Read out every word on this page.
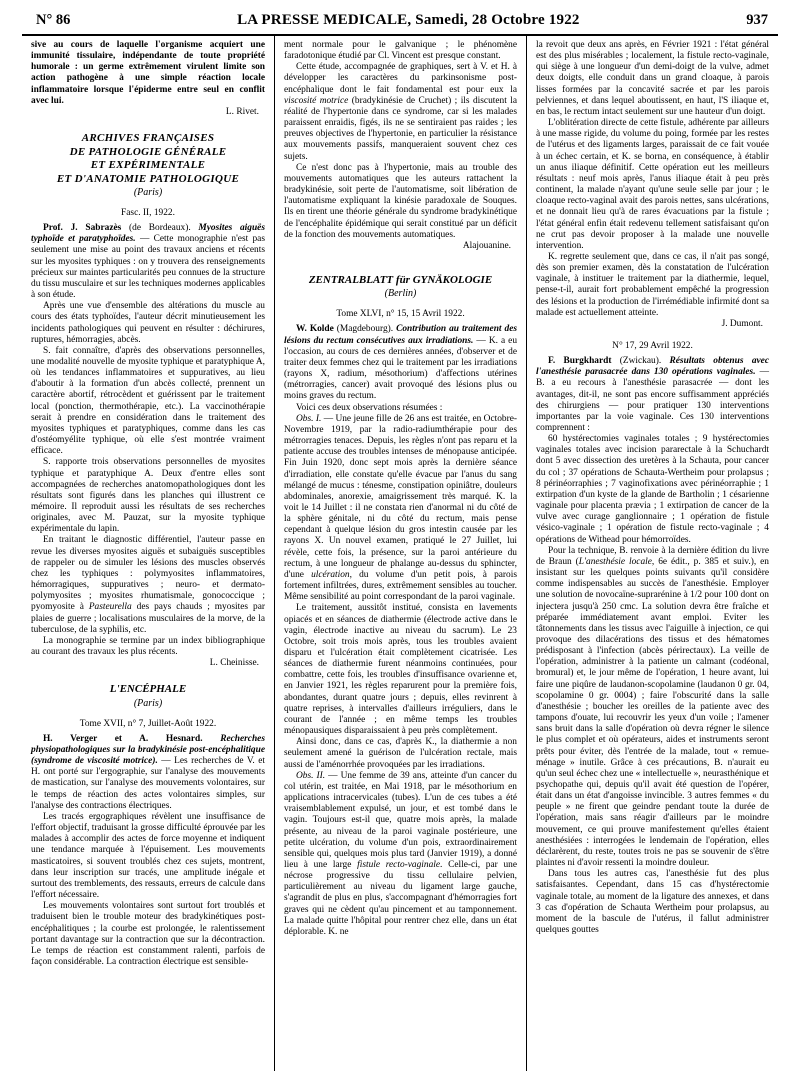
N° 86	LA PRESSE MEDICALE, Samedi, 28 Octobre 1922	937

sive au cours de laquelle l'organisme acquiert une immunité tissulaire, indépendante de toute propriété humorale : un germe extrêmement virulent limite son action pathogène à une simple réaction locale inflammatoire lorsque l'épiderme entre seul en conflit avec lui.

L. Rivet.
ARCHIVES FRANÇAISES
DE PATHOLOGIE GÉNÉRALE
ET EXPÉRIMENTALE
ET D'ANATOMIE PATHOLOGIQUE
(Paris)
Fasc. II, 1922.

Prof. J. Sabrazès (de Bordeaux). Myosites aiguës typhoïde et paratyphoïdes. — Cette monographie n'est pas seulement une mise au point des travaux anciens et récents sur les myosites typhiques : on y trouvera des renseignements précieux sur maintes particularités peu connues de la structure du tissu musculaire et sur les techniques modernes applicables à son étude.

Après une vue d'ensemble des altérations du muscle au cours des états typhoïdes, l'auteur décrit minutieusement les incidents pathologiques qui peuvent en résulter : déchirures, ruptures, hémorragies, abcès.

S. fait connaître, d'après des observations personnelles, une modalité nouvelle de myosite typhique et paratyphique A, où les tendances inflammatoires et suppuratives, au lieu d'aboutir à la formation d'un abcès collecté, prennent un caractère abortif, rétrocèdent et guérissent par le traitement local (ponction, thermothérapie, etc.). La vaccinothérapie serait à prendre en considération dans le traitement des myosites typhiques et paratyphiques, comme dans les cas d'ostéomyélite typhique, où elle s'est montrée vraiment efficace.

S. rapporte trois observations personnelles de myosites typhique et paratyphique A. Deux d'entre elles sont accompagnées de recherches anatomopathologiques dont les résultats sont figurés dans les planches qui illustrent ce mémoire. Il reproduit aussi les résultats de ses recherches originales, avec M. Pauzat, sur la myosite typhique expérimentale du lapin.

En traitant le diagnostic différentiel, l'auteur passe en revue les diverses myosites aiguës et subaiguës susceptibles de rappeler ou de simuler les lésions des muscles observés chez les typhiques : polymyosites inflammatoires, hémorragiques, suppuratives ; neuro- et dermato-polymyosites ; myosites rhumatismale, gonococcique ; pyomyosite à Pasteurella des pays chauds ; myosites par plaies de guerre ; localisations musculaires de la morve, de la tuberculose, de la syphilis, etc.

La monographie se termine par un index bibliographique au courant des travaux les plus récents.

L. Cheinisse.
L'ENCÉPHALE
(Paris)
Tome XVII, n° 7, Juillet-Août 1922.

H. Verger et A. Hesnard. Recherches physiopathologiques sur la bradykinésie post-encéphalitique (syndrome de viscosité motrice). — Les recherches de V. et H. ont porté sur l'ergographie, sur l'analyse des mouvements de mastication, sur l'analyse des mouvements volontaires, sur le temps de réaction des actes volontaires simples, sur l'analyse des contractions électriques.

Les tracés ergographiques révèlent une insuffisance de l'effort objectif, traduisant la grosse difficulté éprouvée par les malades à accomplir des actes de force moyenne et indiquent une tendance marquée à l'épuisement. Les mouvements masticatoires, si souvent troublés chez ces sujets, montrent, dans leur inscription sur tracés, une amplitude inégale et surtout des tremblements, des ressauts, erreurs de calcule dans l'effort nécessaire.

Les mouvements volontaires sont surtout fort troublés et traduisent bien le trouble moteur des bradykinétiques post-encéphalitiques ; la courbe est prolongée, le ralentissement portant davantage sur la contraction que sur la décontraction. Le temps de réaction est constamment ralenti, parfois de façon considérable. La contraction électrique est sensible-

ment normale pour le galvanique ; le phénomène faradotonique étudié par Cl. Vincent est presque constant.

Cette étude, accompagnée de graphiques, sert à V. et H. à développer les caractères du parkinsonisme post-encéphalique dont le fait fondamental est pour eux la viscosité motrice (bradykinésie de Cruchet) ; ils discutent la réalité de l'hypertonie dans ce syndrome, car si les malades paraissent enraidis, figés, ils ne se sentiraient pas raides ; les preuves objectives de l'hypertonie, en particulier la résistance aux mouvements passifs, manqueraient souvent chez ces sujets.

Ce n'est donc pas à l'hypertonie, mais au trouble des mouvements automatiques que les auteurs rattachent la bradykinésie, soit perte de l'automatisme, soit libération de l'automatisme expliquant la kinésie paradoxale de Souques. Ils en tirent une théorie générale du syndrome bradykinétique de l'encéphalite épidémique qui serait constitué par un déficit de la fonction des mouvements automatiques.

Alajouanine.
ZENTRALBLATT für GYNÄKOLOGIE
(Berlin)
Tome XLVI, n° 15, 15 Avril 1922.

W. Kolde (Magdebourg). Contribution au traitement des lésions du rectum consécutives aux irradiations. — K. a eu l'occasion, au cours de ces dernières années, d'observer et de traiter deux femmes chez qui le traitement par les irradiations (rayons X, radium, mésothorium) d'affections utérines (métrorragies, cancer) avait provoqué des lésions plus ou moins graves du rectum.

Voici ces deux observations résumées :

Obs. I. — Une jeune fille de 26 ans est traitée, en Octobre-Novembre 1919, par la radio-radiumthérapie pour des métrorragies tenaces. Depuis, les règles n'ont pas reparu et la patiente accuse des troubles intenses de ménopause anticipée. Fin Juin 1920, donc sept mois après la dernière séance d'irradiation, elle constate qu'elle évacue par l'anus du sang mélangé de mucus : ténesme, constipation opiniâtre, douleurs abdominales, anorexie, amaigrissement très marqué. K. la voit le 14 Juillet : il ne constata rien d'anormal ni du côté de la sphère génitale, ni du côté du rectum, mais pense cependant à quelque lésion du gros intestin causée par les rayons X. Un nouvel examen, pratiqué le 27 Juillet, lui révèle, cette fois, la présence, sur la paroi antérieure du rectum, à une longueur de phalange au-dessus du sphincter, d'une ulcération, du volume d'un petit pois, à parois fortement infiltrées, dures, extrêmement sensibles au toucher. Même sensibilité au point correspondant de la paroi vaginale.

Le traitement, aussitôt institué, consista en lavements opiacés et en séances de diathermie (électrode active dans le vagin, électrode inactive au niveau du sacrum). Le 23 Octobre, soit trois mois après, tous les troubles avaient disparu et l'ulcération était complètement cicatrisée. Les séances de diathermie furent néanmoins continuées, pour combattre, cette fois, les troubles d'insuffisance ovarienne et, en Janvier 1921, les règles reparurent pour la première fois, abondantes, durant quatre jours ; depuis, elles revinrent à quatre reprises, à intervalles d'ailleurs irréguliers, dans le courant de l'année ; en même temps les troubles ménopausiques disparaissaient à peu près complètement.

Ainsi donc, dans ce cas, d'après K., la diathermie a non seulement amené la guérison de l'ulcération rectale, mais aussi de l'aménorrhée provoquées par les irradiations.

Obs. II. — Une femme de 39 ans, atteinte d'un cancer du col utérin, est traitée, en Mai 1918, par le mésothorium en applications intracervicales (tubes). L'un de ces tubes a été vraisemblablement expulsé, un jour, et est tombé dans le vagin. Toujours est-il que, quatre mois après, la malade présente, au niveau de la paroi vaginale postérieure, une petite ulcération, du volume d'un pois, extraordinairement sensible qui, quelques mois plus tard (Janvier 1919), a donné lieu à une large fistule recto-vaginale. Celle-ci, par une nécrose progressive du tissu cellulaire pelvien, particulièrement au niveau du ligament large gauche, s'agrandit de plus en plus, s'accompagnant d'hémorragies fort graves qui ne cèdent qu'au pincement et au tamponnement. La malade quitte l'hôpital pour rentrer chez elle, dans un état déplorable. K. ne

la revoit que deux ans après, en Février 1921 : l'état général est des plus misérables ; localement, la fistule recto-vaginale, qui siège à une longueur d'un demi-doigt de la vulve, admet deux doigts, elle conduit dans un grand cloaque, à parois lisses formées par la concavité sacrée et par les parois pelviennes, et dans lequel aboutissent, en haut, l'S iliaque et, en bas, le rectum intact seulement sur une hauteur d'un doigt.

L'oblitération directe de cette fistule, adhérente par ailleurs à une masse rigide, du volume du poing, formée par les restes de l'utérus et des ligaments larges, paraissait de ce fait vouée à un échec certain, et K. se borna, en conséquence, à établir un anus iliaque définitif. Cette opération eut les meilleurs résultats : neuf mois après, l'anus iliaque était à peu près continent, la malade n'ayant qu'une seule selle par jour ; le cloaque recto-vaginal avait des parois nettes, sans ulcérations, et ne donnait lieu qu'à de rares évacuations par la fistule ; l'état général enfin était redevenu tellement satisfaisant qu'on ne crut pas devoir proposer à la malade une nouvelle intervention.

K. regrette seulement que, dans ce cas, il n'ait pas songé, dès son premier examen, dès la constatation de l'ulcération vaginale, à instituer le traitement par la diathermie, lequel, pense-t-il, aurait fort probablement empêché la progression des lésions et la production de l'irrémédiable infirmité dont sa malade est actuellement atteinte.

J. Dumont.
N° 17, 29 Avril 1922.

F. Burgkhardt (Zwickau). Résultats obtenus avec l'anesthésie parasacrée dans 130 opérations vaginales. — B. a eu recours à l'anesthésie parasacrée — dont les avantages, dit-il, ne sont pas encore suffisamment appréciés des chirurgiens — pour pratiquer 130 interventions importantes par la voie vaginale. Ces 130 interventions comprennent :

60 hystérectomies vaginales totales ; 9 hystérectomies vaginales totales avec incision pararectale à la Schuchardt dont 5 avec dissection des uretères à la Schauta, pour cancer du col ; 37 opérations de Schauta-Wertheim pour prolapsus ; 8 périnéorraphies ; 7 vaginofixations avec périnéorraphie ; 1 extirpation d'un kyste de la glande de Bartholin ; 1 césarienne vaginale pour placenta prævia ; 1 extirpation de cancer de la vulve avec curage ganglionnaire ; 1 opération de fistule vésico-vaginale ; 1 opération de fistule recto-vaginale ; 4 opérations de Withead pour hémorroïdes.

Pour la technique, B. renvoie à la dernière édition du livre de Braun (L'anesthésie locale, 6e édit., p. 385 et suiv.), en insistant sur les quelques points suivants qu'il considère comme indispensables au succès de l'anesthésie. Employer une solution de novocaïne-suprarénine à 1/2 pour 100 dont on injectera jusqu'à 250 cmc. La solution devra être fraîche et préparée immédiatement avant emploi. Eviter les tâtonnements dans les tissus avec l'aiguille à injection, ce qui provoque des dilacérations des tissus et des hématomes prédisposant à l'infection (abcès périrectaux). La veille de l'opération, administrer à la patiente un calmant (codéonal, bromural) et, le jour même de l'opération, 1 heure avant, lui faire une piqûre de laudanon-scopolamine (laudanon 0 gr. 04, scopolamine 0 gr. 0004) ; faire l'obscurité dans la salle d'anesthésie ; boucher les oreilles de la patiente avec des tampons d'ouate, lui recouvrir les yeux d'un voile ; l'amener sans bruit dans la salle d'opération où devra régner le silence le plus complet et où opérateurs, aides et instruments seront prêts pour éviter, dès l'entrée de la malade, tout « remue-ménage » inutile. Grâce à ces précautions, B. n'aurait eu qu'un seul échec chez une « intellectuelle », neurasthénique et psychopathe qui, depuis qu'il avait été question de l'opérer, était dans un état d'angoisse invincible. 3 autres femmes « du peuple » ne firent que geindre pendant toute la durée de l'opération, mais sans réagir d'ailleurs par le moindre mouvement, ce qui prouve manifestement qu'elles étaient anesthésiées : interrogées le lendemain de l'opération, elles déclarèrent, du reste, toutes trois ne pas se souvenir de s'être plaintes ni d'avoir ressenti la moindre douleur.

Dans tous les autres cas, l'anesthésie fut des plus satisfaisantes. Cependant, dans 15 cas d'hystérectomie vaginale totale, au moment de la ligature des annexes, et dans 3 cas d'opération de Schauta Wertheim pour prolapsus, au moment de la bascule de l'utérus, il fallut administrer quelques gouttes
